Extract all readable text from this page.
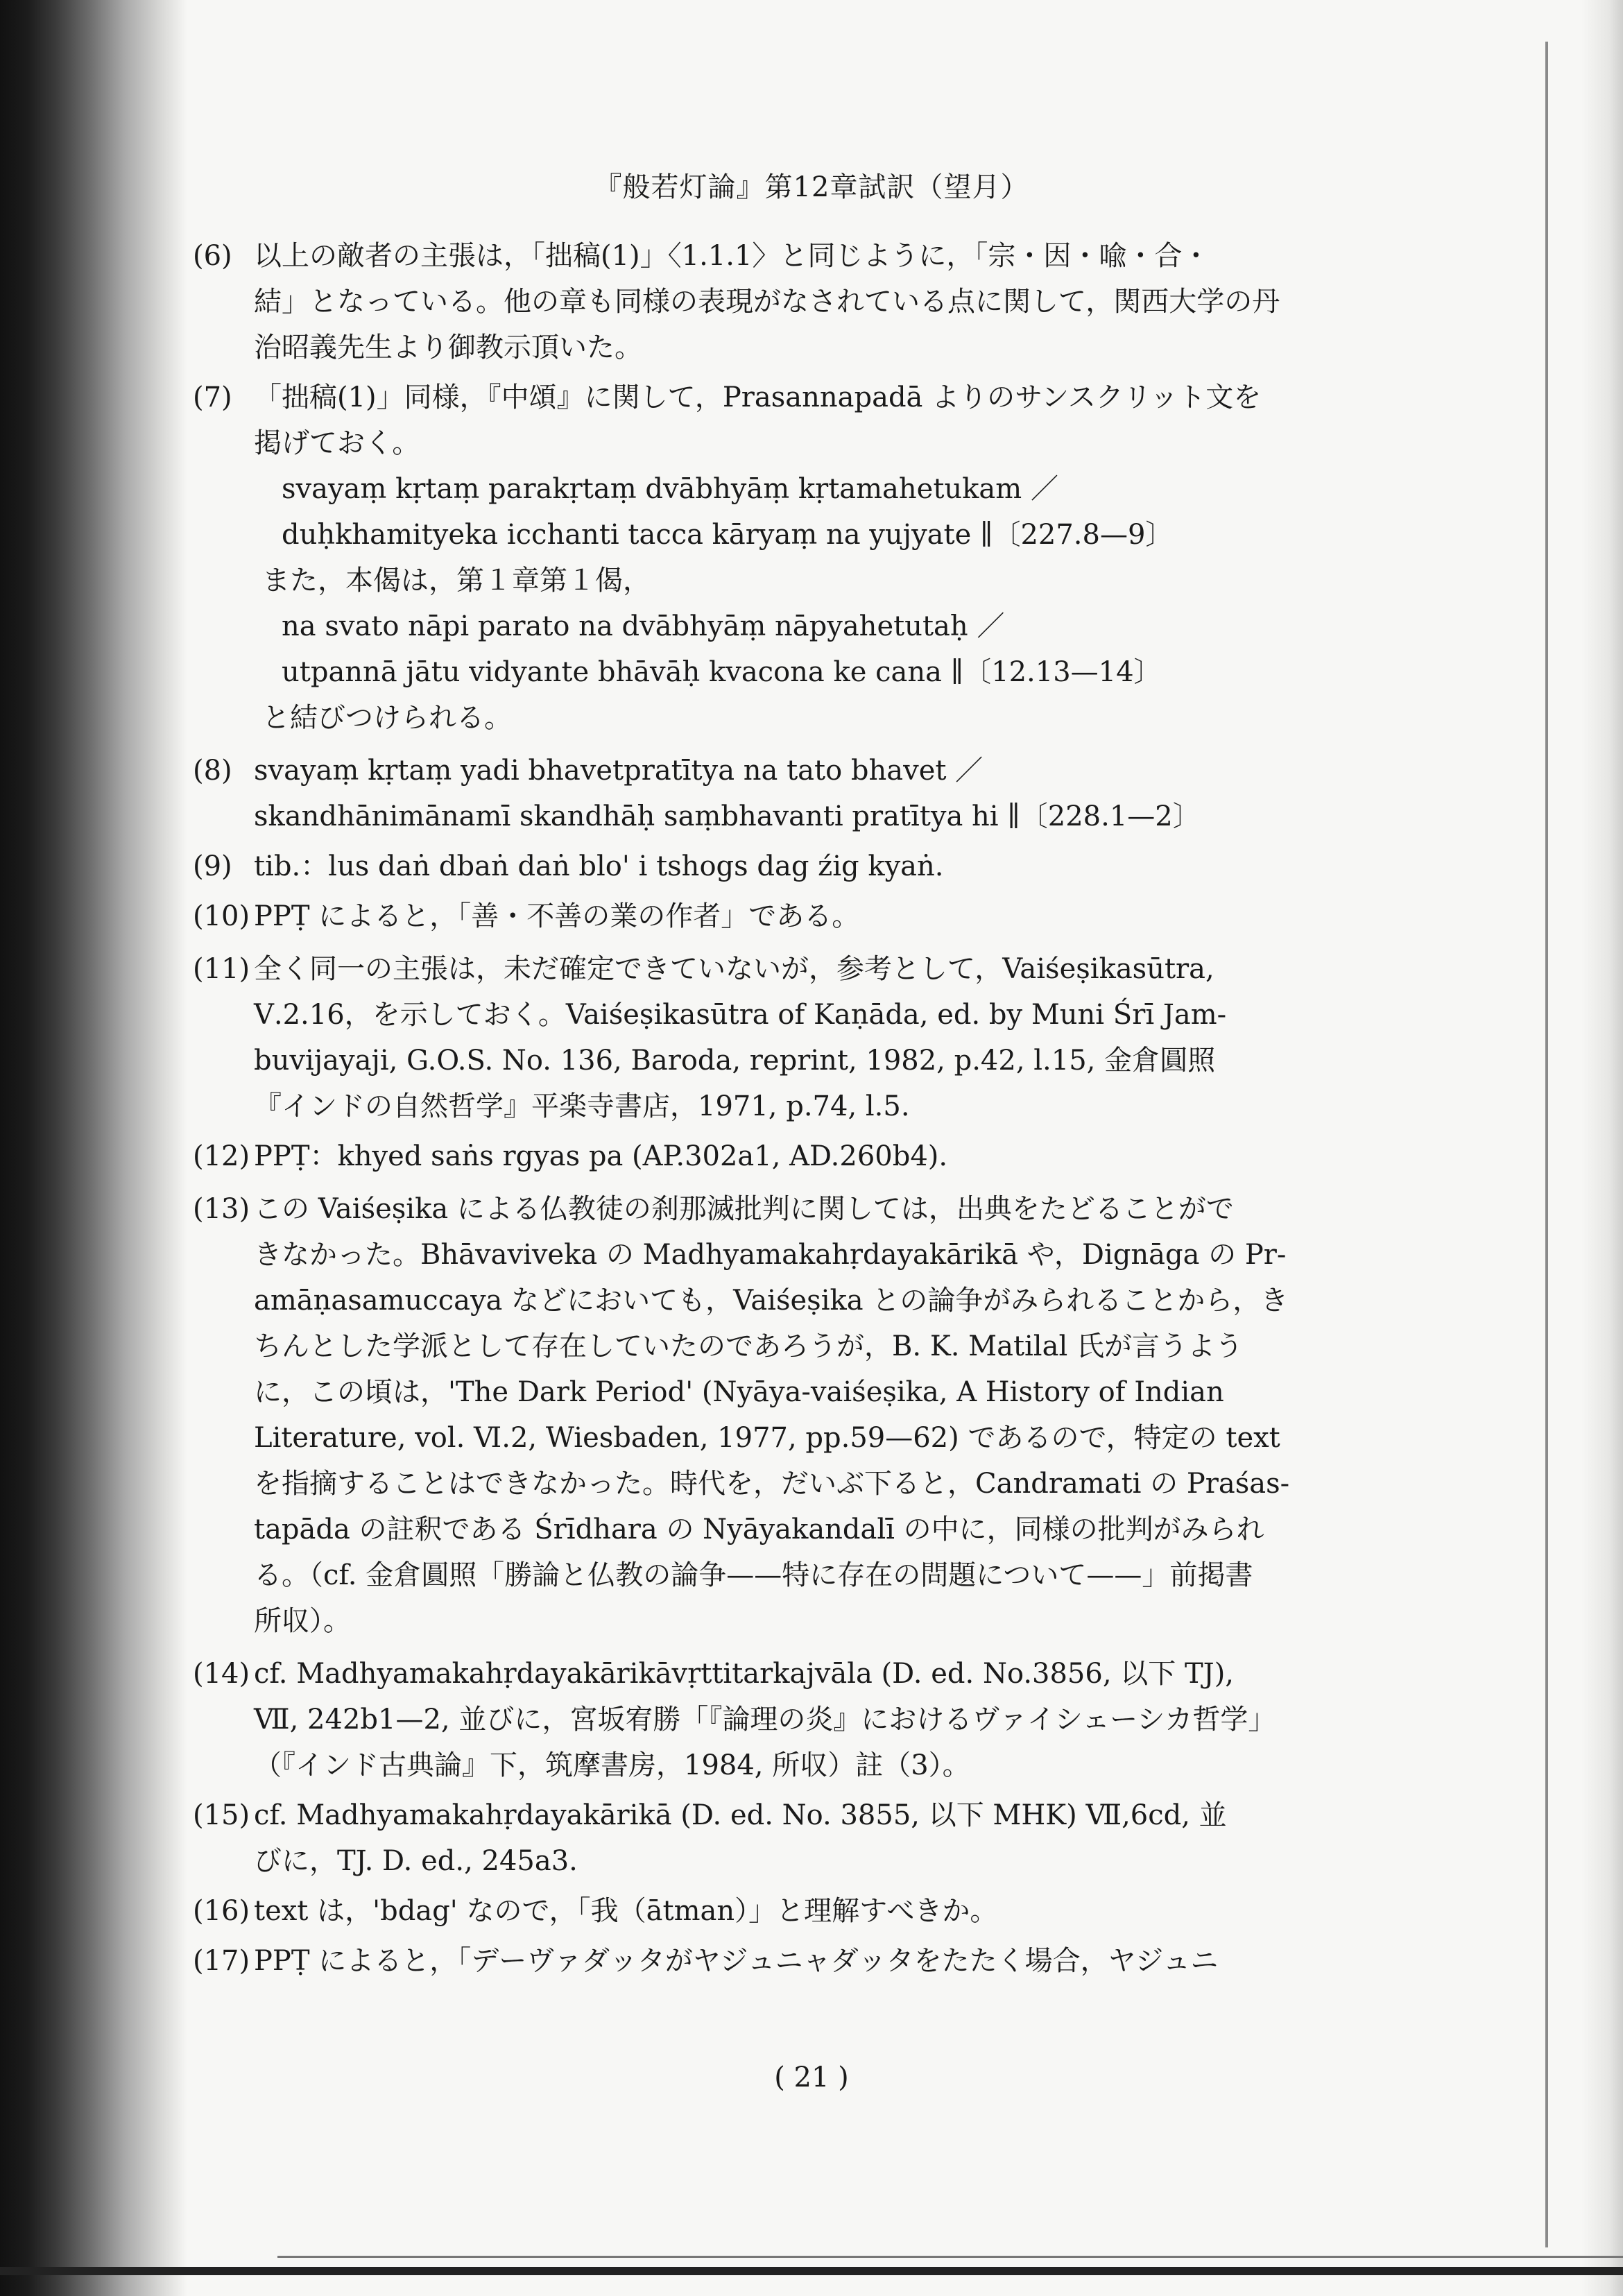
『般若灯論』第12章試訳（望月）
(6) 以上の敵者の主張は，「拙稿(1)」〈1.1.1〉と同じように，「宗・因・喩・合・
結」となっている。他の章も同様の表現がなされている点に関して，関西大学の丹
治昭義先生より御教示頂いた。
(7) 「拙稿(1)」同様，『中頌』に関して，Prasannapadā よりのサンスクリット文を
掲げておく。
svayaṃ kṛtaṃ parakṛtaṃ dvābhyāṃ kṛtamahetukam ／
duḥkhamityeka icchanti tacca kāryaṃ na yujyate ∥〔227.8—9〕
また，本偈は，第１章第１偈，
na svato nāpi parato na dvābhyāṃ nāpyahetutaḥ ／
utpannā jātu vidyante bhāvāḥ kvacona ke cana ∥〔12.13—14〕
と結びつけられる。
(8) svayaṃ kṛtaṃ yadi bhavetpratītya na tato bhavet ／
skandhānimānamī skandhāḥ saṃbhavanti pratītya hi ∥〔228.1—2〕
(9) tib.：lus daṅ dbaṅ daṅ blo' i tshogs dag źig kyaṅ.
(10) PPṬ によると，「善・不善の業の作者」である。
(11) 全く同一の主張は，未だ確定できていないが，参考として，Vaiśeṣikasūtra,
Ⅴ.2.16，を示しておく。Vaiśeṣikasūtra of Kaṇāda, ed. by Muni Śrī Jam-
buvijayaji, G.O.S. No. 136, Baroda, reprint, 1982, p.42, l.15, 金倉圓照
『インドの自然哲学』平楽寺書店，1971, p.74, l.5.
(12) PPṬ：khyed saṅs rgyas pa (AP.302a1, AD.260b4).
(13) この Vaiśeṣika による仏教徒の刹那滅批判に関しては，出典をたどることがで
きなかった。Bhāvaviveka の Madhyamakahṛdayakārikā や，Dignāga の Pr-
amāṇasamuccaya などにおいても，Vaiśeṣika との論争がみられることから，き
ちんとした学派として存在していたのであろうが，B. K. Matilal 氏が言うよう
に，この頃は，'The Dark Period' (Nyāya-vaiśeṣika, A History of Indian
Literature, vol. Ⅵ.2, Wiesbaden, 1977, pp.59—62) であるので，特定の text
を指摘することはできなかった。時代を，だいぶ下ると，Candramati の Praśas-
tapāda の註釈である Śrīdhara の Nyāyakandalī の中に，同様の批判がみられ
る。（cf. 金倉圓照「勝論と仏教の論争——特に存在の問題について——」前掲書
所収）。
(14) cf. Madhyamakahṛdayakārikāvṛttitarkajvāla (D. ed. No.3856, 以下 TJ),
Ⅶ, 242b1—2, 並びに，宮坂宥勝「『論理の炎』におけるヴァイシェーシカ哲学」
（『インド古典論』下，筑摩書房，1984, 所収）註（3）。
(15) cf. Madhyamakahṛdayakārikā (D. ed. No. 3855, 以下 MHK) Ⅶ,6cd, 並
びに，TJ. D. ed., 245a3.
(16) text は，'bdag' なので，「我（ātman）」と理解すべきか。
(17) PPṬ によると，「デーヴァダッタがヤジュニャダッタをたたく場合，ヤジュニ
( 21 )
